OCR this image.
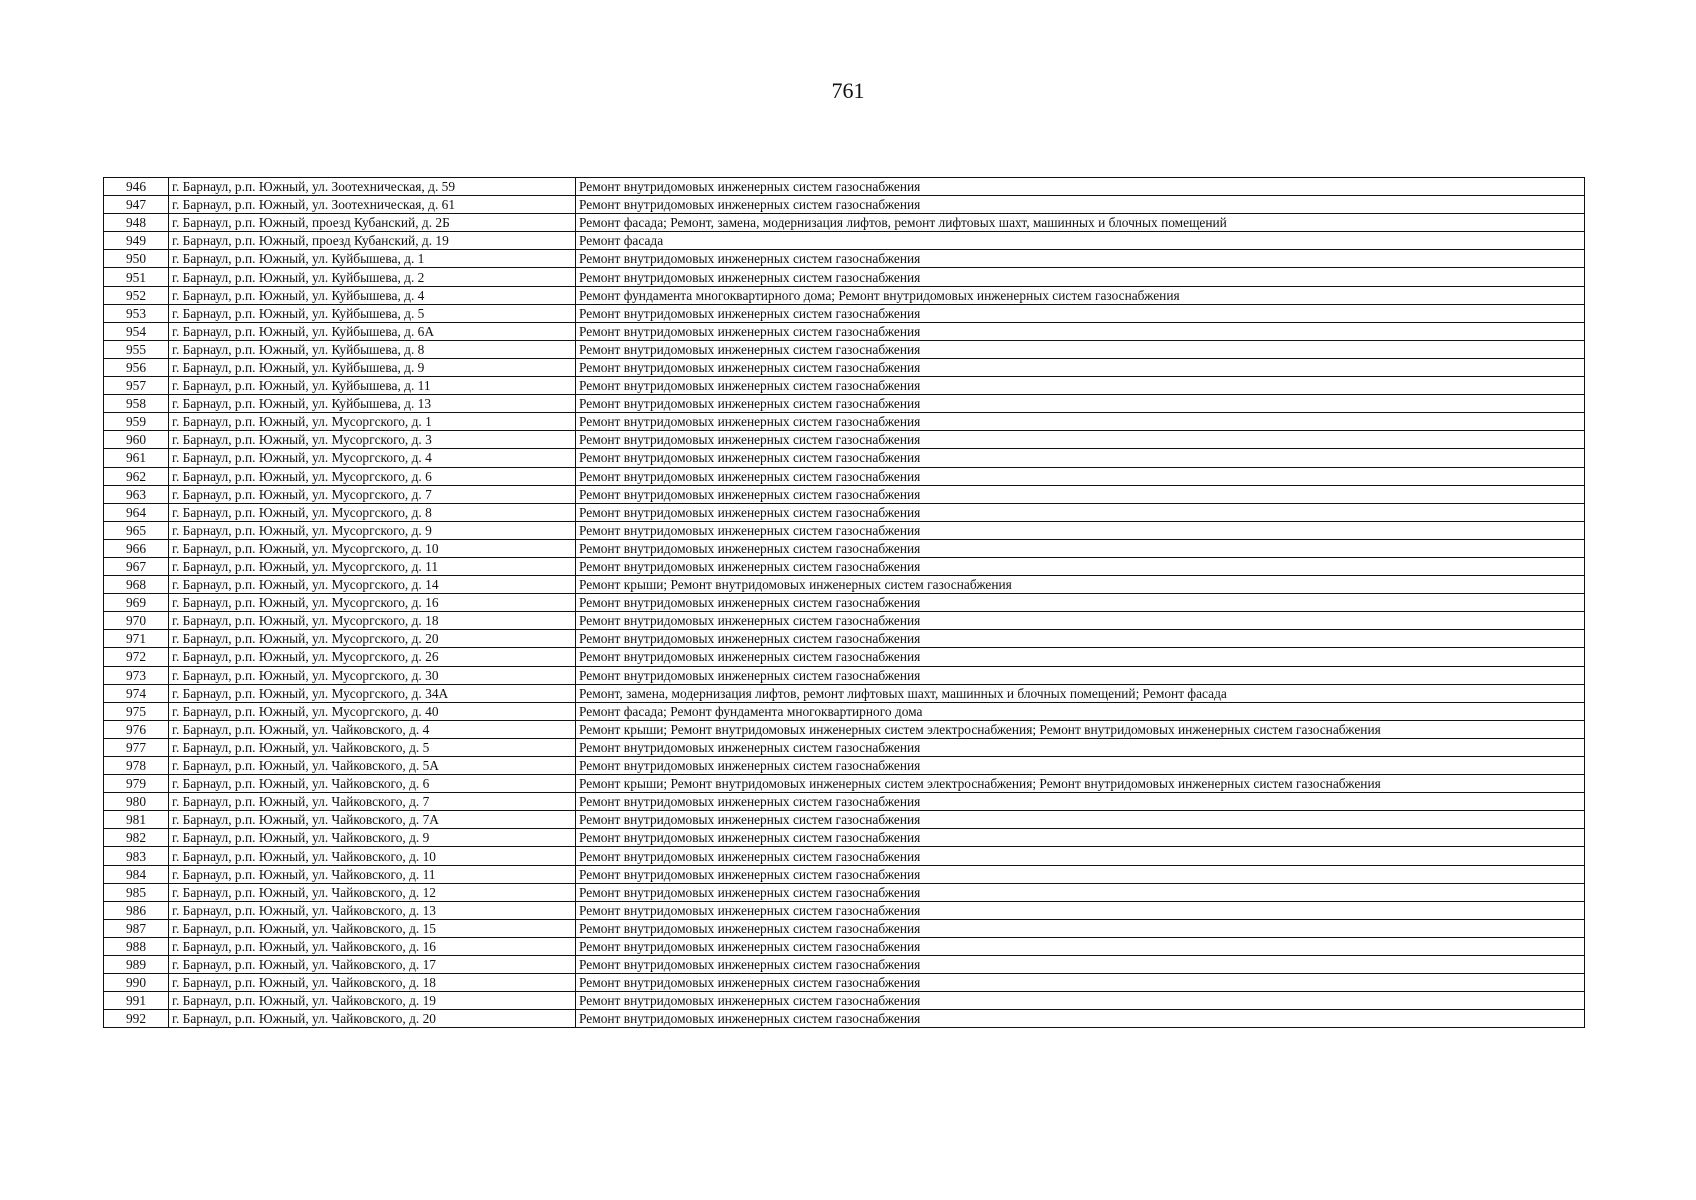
761
946	г. Барнаул, р.п. Южный, ул. Зоотехническая, д. 59	Ремонт внутридомовых инженерных систем газоснабжения
947	г. Барнаул, р.п. Южный, ул. Зоотехническая, д. 61	Ремонт внутридомовых инженерных систем газоснабжения
948	г. Барнаул, р.п. Южный, проезд Кубанский, д. 2Б	Ремонт фасада; Ремонт, замена, модернизация лифтов, ремонт лифтовых шахт, машинных и блочных помещений
949	г. Барнаул, р.п. Южный, проезд Кубанский, д. 19	Ремонт фасада
950	г. Барнаул, р.п. Южный, ул. Куйбышева, д. 1	Ремонт внутридомовых инженерных систем газоснабжения
951	г. Барнаул, р.п. Южный, ул. Куйбышева, д. 2	Ремонт внутридомовых инженерных систем газоснабжения
952	г. Барнаул, р.п. Южный, ул. Куйбышева, д. 4	Ремонт фундамента многоквартирного дома; Ремонт внутридомовых инженерных систем газоснабжения
953	г. Барнаул, р.п. Южный, ул. Куйбышева, д. 5	Ремонт внутридомовых инженерных систем газоснабжения
954	г. Барнаул, р.п. Южный, ул. Куйбышева, д. 6А	Ремонт внутридомовых инженерных систем газоснабжения
955	г. Барнаул, р.п. Южный, ул. Куйбышева, д. 8	Ремонт внутридомовых инженерных систем газоснабжения
956	г. Барнаул, р.п. Южный, ул. Куйбышева, д. 9	Ремонт внутридомовых инженерных систем газоснабжения
957	г. Барнаул, р.п. Южный, ул. Куйбышева, д. 11	Ремонт внутридомовых инженерных систем газоснабжения
958	г. Барнаул, р.п. Южный, ул. Куйбышева, д. 13	Ремонт внутридомовых инженерных систем газоснабжения
959	г. Барнаул, р.п. Южный, ул. Мусоргского, д. 1	Ремонт внутридомовых инженерных систем газоснабжения
960	г. Барнаул, р.п. Южный, ул. Мусоргского, д. 3	Ремонт внутридомовых инженерных систем газоснабжения
961	г. Барнаул, р.п. Южный, ул. Мусоргского, д. 4	Ремонт внутридомовых инженерных систем газоснабжения
962	г. Барнаул, р.п. Южный, ул. Мусоргского, д. 6	Ремонт внутридомовых инженерных систем газоснабжения
963	г. Барнаул, р.п. Южный, ул. Мусоргского, д. 7	Ремонт внутридомовых инженерных систем газоснабжения
964	г. Барнаул, р.п. Южный, ул. Мусоргского, д. 8	Ремонт внутридомовых инженерных систем газоснабжения
965	г. Барнаул, р.п. Южный, ул. Мусоргского, д. 9	Ремонт внутридомовых инженерных систем газоснабжения
966	г. Барнаул, р.п. Южный, ул. Мусоргского, д. 10	Ремонт внутридомовых инженерных систем газоснабжения
967	г. Барнаул, р.п. Южный, ул. Мусоргского, д. 11	Ремонт внутридомовых инженерных систем газоснабжения
968	г. Барнаул, р.п. Южный, ул. Мусоргского, д. 14	Ремонт крыши; Ремонт внутридомовых инженерных систем газоснабжения
969	г. Барнаул, р.п. Южный, ул. Мусоргского, д. 16	Ремонт внутридомовых инженерных систем газоснабжения
970	г. Барнаул, р.п. Южный, ул. Мусоргского, д. 18	Ремонт внутридомовых инженерных систем газоснабжения
971	г. Барнаул, р.п. Южный, ул. Мусоргского, д. 20	Ремонт внутридомовых инженерных систем газоснабжения
972	г. Барнаул, р.п. Южный, ул. Мусоргского, д. 26	Ремонт внутридомовых инженерных систем газоснабжения
973	г. Барнаул, р.п. Южный, ул. Мусоргского, д. 30	Ремонт внутридомовых инженерных систем газоснабжения
974	г. Барнаул, р.п. Южный, ул. Мусоргского, д. 34А	Ремонт, замена, модернизация лифтов, ремонт лифтовых шахт, машинных и блочных помещений; Ремонт фасада
975	г. Барнаул, р.п. Южный, ул. Мусоргского, д. 40	Ремонт фасада; Ремонт фундамента многоквартирного дома
976	г. Барнаул, р.п. Южный, ул. Чайковского, д. 4	Ремонт крыши; Ремонт внутридомовых инженерных систем электроснабжения; Ремонт внутридомовых инженерных систем газоснабжения
977	г. Барнаул, р.п. Южный, ул. Чайковского, д. 5	Ремонт внутридомовых инженерных систем газоснабжения
978	г. Барнаул, р.п. Южный, ул. Чайковского, д. 5А	Ремонт внутридомовых инженерных систем газоснабжения
979	г. Барнаул, р.п. Южный, ул. Чайковского, д. 6	Ремонт крыши; Ремонт внутридомовых инженерных систем электроснабжения; Ремонт внутридомовых инженерных систем газоснабжения
980	г. Барнаул, р.п. Южный, ул. Чайковского, д. 7	Ремонт внутридомовых инженерных систем газоснабжения
981	г. Барнаул, р.п. Южный, ул. Чайковского, д. 7А	Ремонт внутридомовых инженерных систем газоснабжения
982	г. Барнаул, р.п. Южный, ул. Чайковского, д. 9	Ремонт внутридомовых инженерных систем газоснабжения
983	г. Барнаул, р.п. Южный, ул. Чайковского, д. 10	Ремонт внутридомовых инженерных систем газоснабжения
984	г. Барнаул, р.п. Южный, ул. Чайковского, д. 11	Ремонт внутридомовых инженерных систем газоснабжения
985	г. Барнаул, р.п. Южный, ул. Чайковского, д. 12	Ремонт внутридомовых инженерных систем газоснабжения
986	г. Барнаул, р.п. Южный, ул. Чайковского, д. 13	Ремонт внутридомовых инженерных систем газоснабжения
987	г. Барнаул, р.п. Южный, ул. Чайковского, д. 15	Ремонт внутридомовых инженерных систем газоснабжения
988	г. Барнаул, р.п. Южный, ул. Чайковского, д. 16	Ремонт внутридомовых инженерных систем газоснабжения
989	г. Барнаул, р.п. Южный, ул. Чайковского, д. 17	Ремонт внутридомовых инженерных систем газоснабжения
990	г. Барнаул, р.п. Южный, ул. Чайковского, д. 18	Ремонт внутридомовых инженерных систем газоснабжения
991	г. Барнаул, р.п. Южный, ул. Чайковского, д. 19	Ремонт внутридомовых инженерных систем газоснабжения
992	г. Барнаул, р.п. Южный, ул. Чайковского, д. 20	Ремонт внутридомовых инженерных систем газоснабжения
